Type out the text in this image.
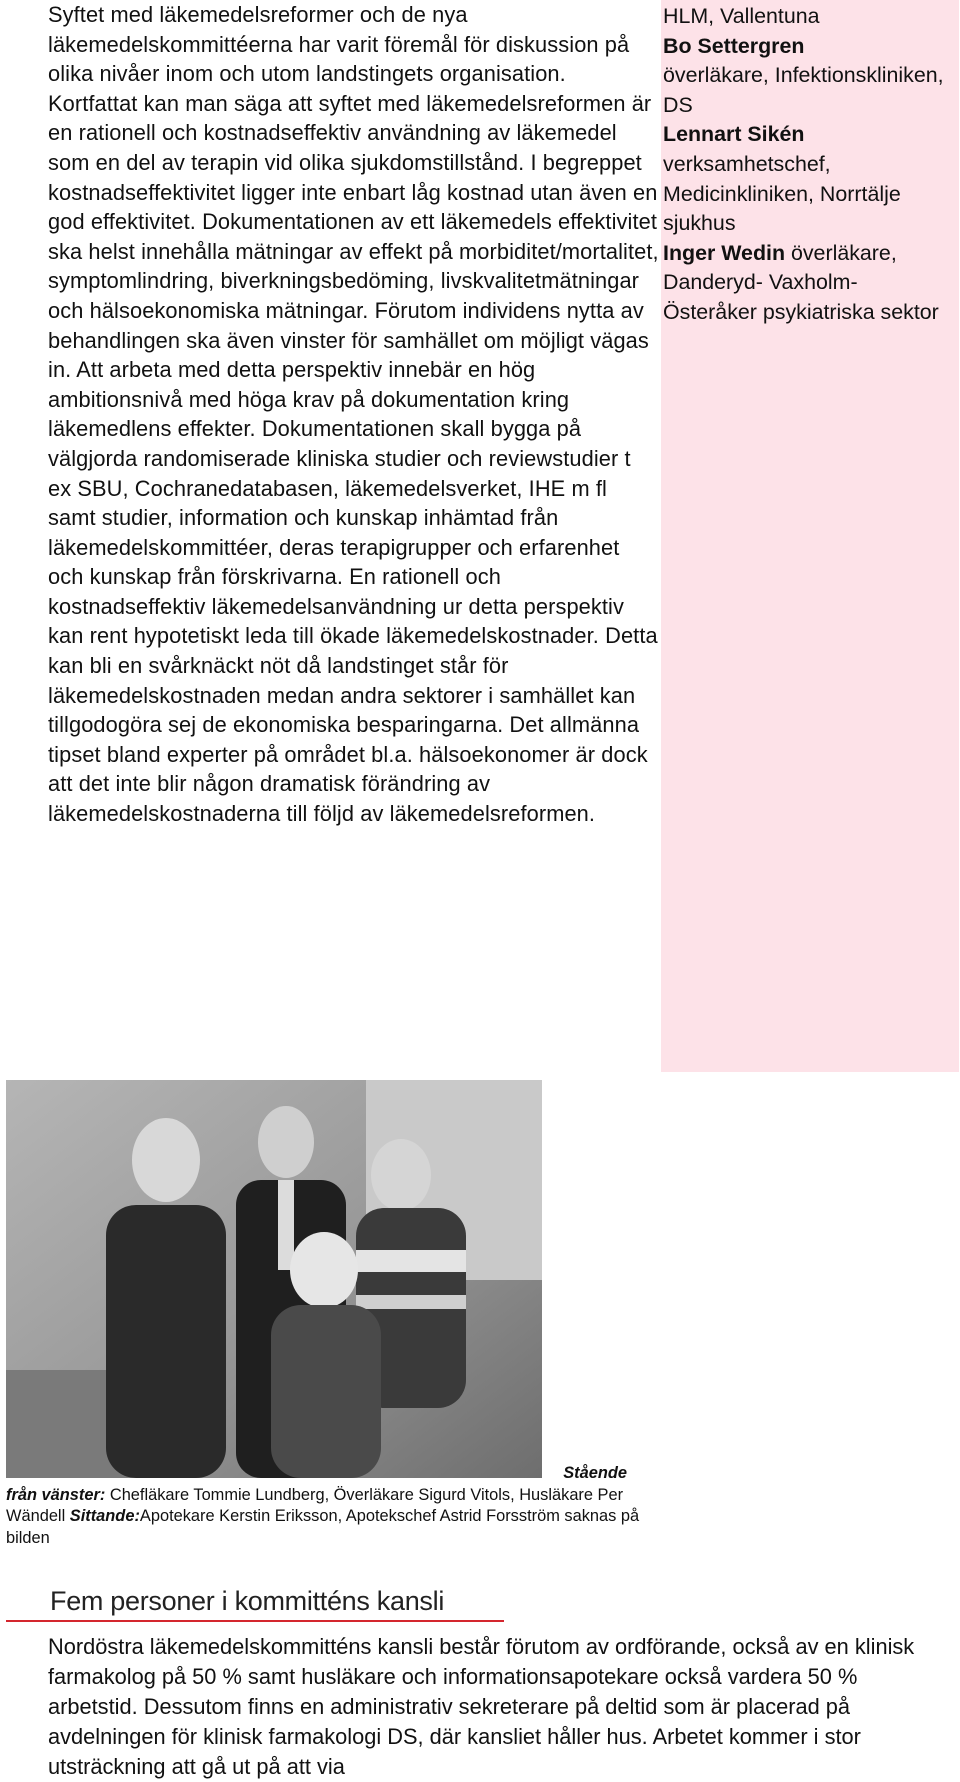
Syftet med läkemedelsreformer och de nya läkemedelskommittéerna har varit föremål för diskussion på olika nivåer inom och utom landstingets organisation. Kortfattat kan man säga att syftet med läkemedelsreformen är en rationell och kostnadseffektiv användning av läkemedel som en del av terapin vid olika sjukdomstillstånd. I begreppet kostnadseffektivitet ligger inte enbart låg kostnad utan även en god effektivitet. Dokumentationen av ett läkemedels effektivitet ska helst innehålla mätningar av effekt på morbiditet/mortalitet, symptomlindring, biverkningsbedöming, livskvalitetmätningar och hälsoekonomiska mätningar. Förutom individens nytta av behandlingen ska även vinster för samhället om möjligt vägas in. Att arbeta med detta perspektiv innebär en hög ambitionsnivå med höga krav på dokumentation kring läkemedlens effekter. Dokumentationen skall bygga på välgjorda randomiserade kliniska studier och reviewstudier t ex SBU, Cochranedatabasen, läkemedelsverket, IHE m fl samt studier, information och kunskap inhämtad från läkemedelskommittéer, deras terapigrupper och erfarenhet och kunskap från förskrivarna. En rationell och kostnadseffektiv läkemedelsanvändning ur detta perspektiv kan rent hypotetiskt leda till ökade läkemedelskostnader. Detta kan bli en svårknäckt nöt då landstinget står för läkemedelskostnaden medan andra sektorer i samhället kan tillgodogöra sej de ekonomiska besparingarna. Det allmänna tipset bland experter på området bl.a. hälsoekonomer är dock att det inte blir någon dramatisk förändring av läkemedelskostnaderna till följd av läkemedelsreformen.
HLM, Vallentuna
Bo Settergren
överläkare, Infektionskliniken, DS
Lennart Sikén
verksamhetschef, Medicinkliniken, Norrtälje sjukhus
Inger Wedin överläkare,
Danderyd- Vaxholm- Österåker psykiatriska sektor
Stående
från vänster: Chefläkare Tommie Lundberg, Överläkare Sigurd Vitols, Husläkare Per Wändell Sittande:Apotekare Kerstin Eriksson, Apotekschef Astrid Forsström saknas på bilden
Fem personer i kommitténs kansli
Nordöstra läkemedelskommitténs kansli består förutom av ordförande, också av en klinisk farmakolog på 50 % samt husläkare och informationsapotekare också vardera 50 % arbetstid. Dessutom finns en administrativ sekreterare på deltid som är placerad på avdelningen för klinisk farmakologi DS, där kansliet håller hus. Arbetet kommer i stor utsträckning att gå ut på att via
